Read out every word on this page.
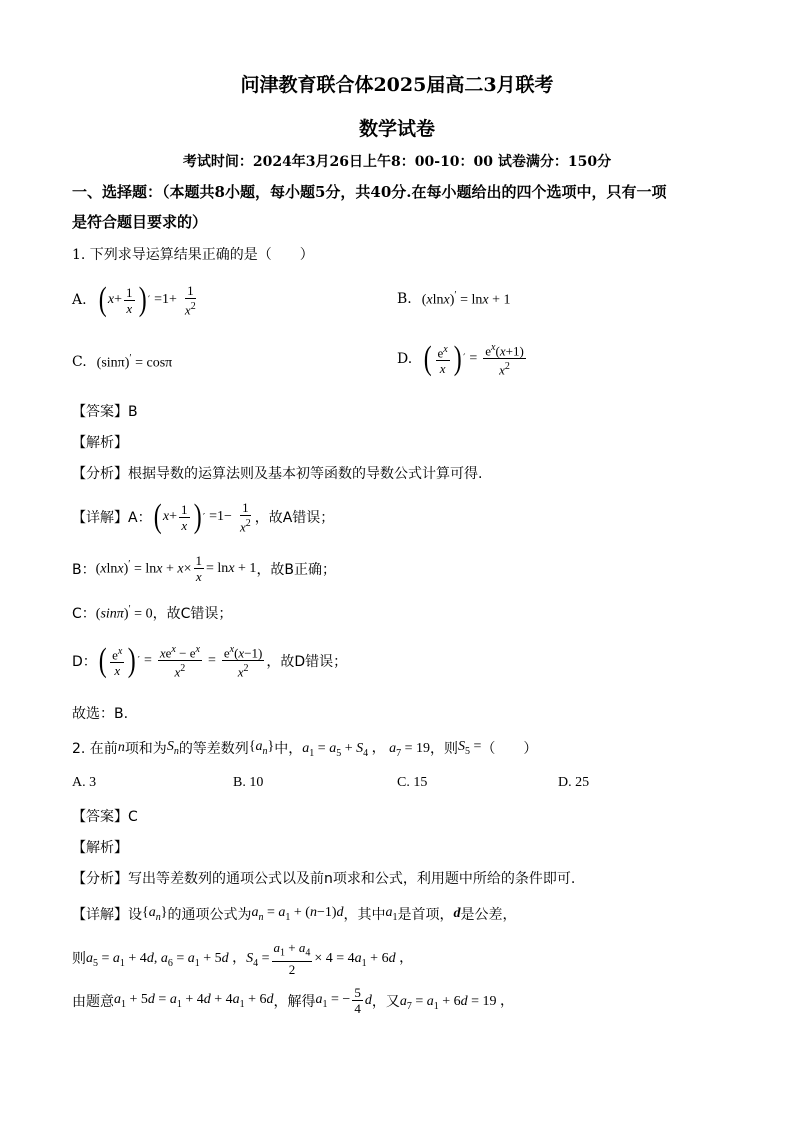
问津教育联合体2025届高二3月联考
数学试卷
考试时间：2024年3月26日上午8：00-10：00 试卷满分：150分
一、选择题：（本题共8小题，每小题5分，共40分.在每小题给出的四个选项中，只有一项
是符合题目要求的）
1. 下列求导运算结果正确的是（　　）
A. ( $x + \frac{1}{x}$ ) ′ $=1+ \frac{1}{x^2}$	B. (xlnx)′ = lnx + 1
C. (sinπ)′ = cosπ	D. ( $\frac{e^x}{x}$ ) ′ = $\frac{e^x(x+1)}{x^2}$
【答案】B
【解析】
【分析】根据导数的运算法则及基本初等函数的导数公式计算可得.
【详解】A： ( $x + \frac{1}{x}$ ) ′ $=1- \frac{1}{x^2}$ ，故A错误；
B： $(xlnx)' = \ln x + x\times \frac{1}{x} = \ln x + 1$ ，故B正确；
C： (sinπ)′ = 0 ，故C错误；
D： ( $\frac{e^x}{x}$ ) ′ = $\frac{xe^x - e^x}{x^2} = \frac{e^x(x-1)}{x^2}$ ，故D错误；
故选：B.
2. 在前 n 项和为 $S_n$ 的等差数列 $\{a_n\}$ 中， $a_1 = a_5 + S_4$ ， $a_7 = 19$ ，则 $S_5$ = （　　）
A. 3	B. 10	C. 15	D. 25
【答案】C
【解析】
【分析】写出等差数列的通项公式以及前n项求和公式，利用题中所给的条件即可.
【详解】设 $\{a_n\}$ 的通项公式为 $a_n = a_1 + (n-1)d$ ，其中 $a_1$ 是首项， d 是公差，
则 $a_5 = a_1 + 4d$, $a_6 = a_1 + 5d$ ，$S_4 = \frac{a_1 + a_4}{2} \times 4 = 4a_1 + 6d$ ，
由题意 $a_1 + 5d = a_1 + 4d + 4a_1 + 6d$ ，解得 $a_1$ = − $\frac{5}{4}$ d ，又 $a_7 = a_1 + 6d = 19$ ，
